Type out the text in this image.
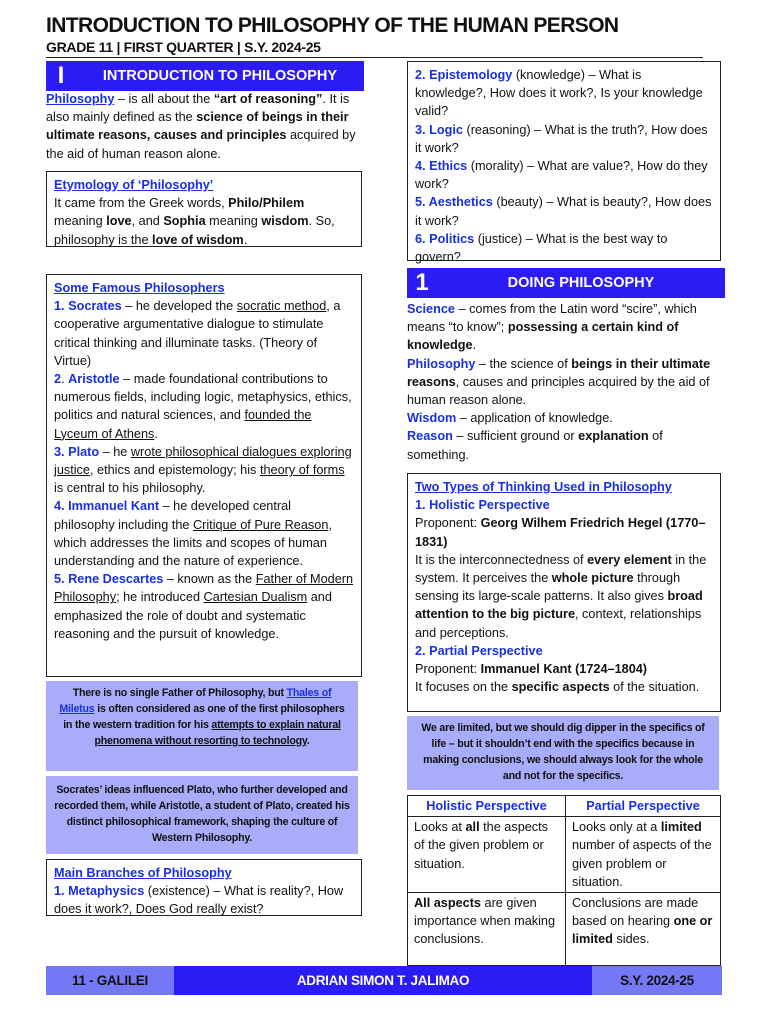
INTRODUCTION TO PHILOSOPHY OF THE HUMAN PERSON
GRADE 11 | FIRST QUARTER | S.Y. 2024-25
I	INTRODUCTION TO PHILOSOPHY
Philosophy – is all about the “art of reasoning”. It is also mainly defined as the science of beings in their ultimate reasons, causes and principles acquired by the aid of human reason alone.
Etymology of ‘Philosophy’
It came from the Greek words, Philo/Philem meaning love, and Sophia meaning wisdom. So, philosophy is the love of wisdom.
Some Famous Philosophers
1. Socrates – he developed the socratic method, a cooperative argumentative dialogue to stimulate critical thinking and illuminate tasks. (Theory of Virtue)
2. Aristotle – made foundational contributions to numerous fields, including logic, metaphysics, ethics, politics and natural sciences, and founded the Lyceum of Athens.
3. Plato – he wrote philosophical dialogues exploring justice, ethics and epistemology; his theory of forms is central to his philosophy.
4. Immanuel Kant – he developed central philosophy including the Critique of Pure Reason, which addresses the limits and scopes of human understanding and the nature of experience.
5. Rene Descartes – known as the Father of Modern Philosophy; he introduced Cartesian Dualism and emphasized the role of doubt and systematic reasoning and the pursuit of knowledge.
There is no single Father of Philosophy, but Thales of Miletus is often considered as one of the first philosophers in the western tradition for his attempts to explain natural phenomena without resorting to technology.
Socrates’ ideas influenced Plato, who further developed and recorded them, while Aristotle, a student of Plato, created his distinct philosophical framework, shaping the culture of Western Philosophy.
Main Branches of Philosophy
1. Metaphysics (existence) – What is reality?, How does it work?, Does God really exist?
2. Epistemology (knowledge) – What is knowledge?, How does it work?, Is your knowledge valid?
3. Logic (reasoning) – What is the truth?, How does it work?
4. Ethics (morality) – What are value?, How do they work?
5. Aesthetics (beauty) – What is beauty?, How does it work?
6. Politics (justice) – What is the best way to govern?
1	DOING PHILOSOPHY
Science – comes from the Latin word “scire”, which means “to know”; possessing a certain kind of knowledge.
Philosophy – the science of beings in their ultimate reasons, causes and principles acquired by the aid of human reason alone.
Wisdom – application of knowledge.
Reason – sufficient ground or explanation of something.
Two Types of Thinking Used in Philosophy
1. Holistic Perspective
Proponent: Georg Wilhem Friedrich Hegel (1770–1831)
It is the interconnectedness of every element in the system. It perceives the whole picture through sensing its large-scale patterns. It also gives broad attention to the big picture, context, relationships and perceptions.
2. Partial Perspective
Proponent: Immanuel Kant (1724–1804)
It focuses on the specific aspects of the situation.
We are limited, but we should dig dipper in the specifics of life – but it shouldn’t end with the specifics because in making conclusions, we should always look for the whole and not for the specifics.
Holistic Perspective	Partial Perspective
Looks at all the aspects of the given problem or situation.	Looks only at a limited number of aspects of the given problem or situation.
All aspects are given importance when making conclusions.	Conclusions are made based on hearing one or limited sides.
11 - GALILEI	ADRIAN SIMON T. JALIMAO	S.Y. 2024-25
